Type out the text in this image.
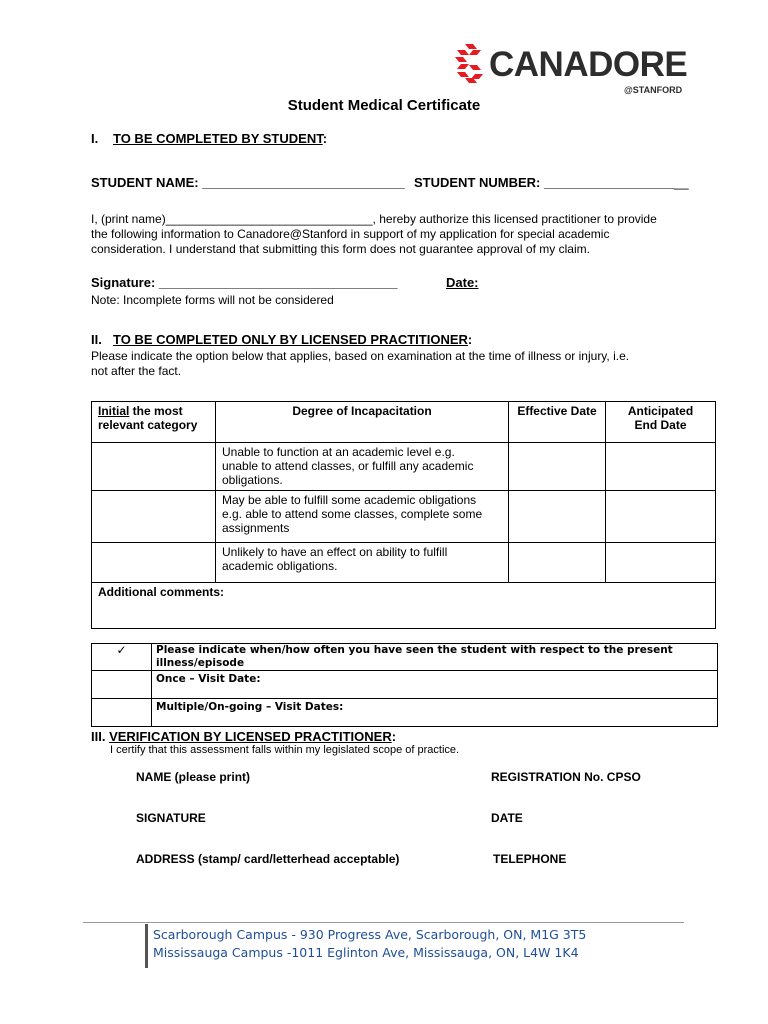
CANADORE
@STANFORD
Student Medical Certificate
I. TO BE COMPLETED BY STUDENT:
STUDENT NAME: ____________________________ STUDENT NUMBER: ____________________
I, (print name)_______________________________, hereby authorize this licensed practitioner to provide
the following information to Canadore@Stanford in support of my application for special academic
consideration. I understand that submitting this form does not guarantee approval of my claim.
Signature: _________________________________	Date:
Note: Incomplete forms will not be considered
II. TO BE COMPLETED ONLY BY LICENSED PRACTITIONER:
Please indicate the option below that applies, based on examination at the time of illness or injury, i.e.
not after the fact.
Initial the most
relevant category	Degree of Incapacitation	Effective Date	Anticipated
End Date

	Unable to function at an academic level e.g.
unable to attend classes, or fulfill any academic
obligations.		

	May be able to fulfill some academic obligations
e.g. able to attend some classes, complete some
assignments		

	Unlikely to have an effect on ability to fulfill
academic obligations.		

Additional comments:			
✓	Please indicate when/how often you have seen the student with respect to the present illness/episode
	Once – Visit Date:
	Multiple/On-going – Visit Dates:
III. VERIFICATION BY LICENSED PRACTITIONER:
I certify that this assessment falls within my legislated scope of practice.
NAME (please print)	REGISTRATION No. CPSO
SIGNATURE	DATE
ADDRESS (stamp/ card/letterhead acceptable)	TELEPHONE
Scarborough Campus - 930 Progress Ave, Scarborough, ON, M1G 3T5
Mississauga Campus -1011 Eglinton Ave, Mississauga, ON, L4W 1K4
